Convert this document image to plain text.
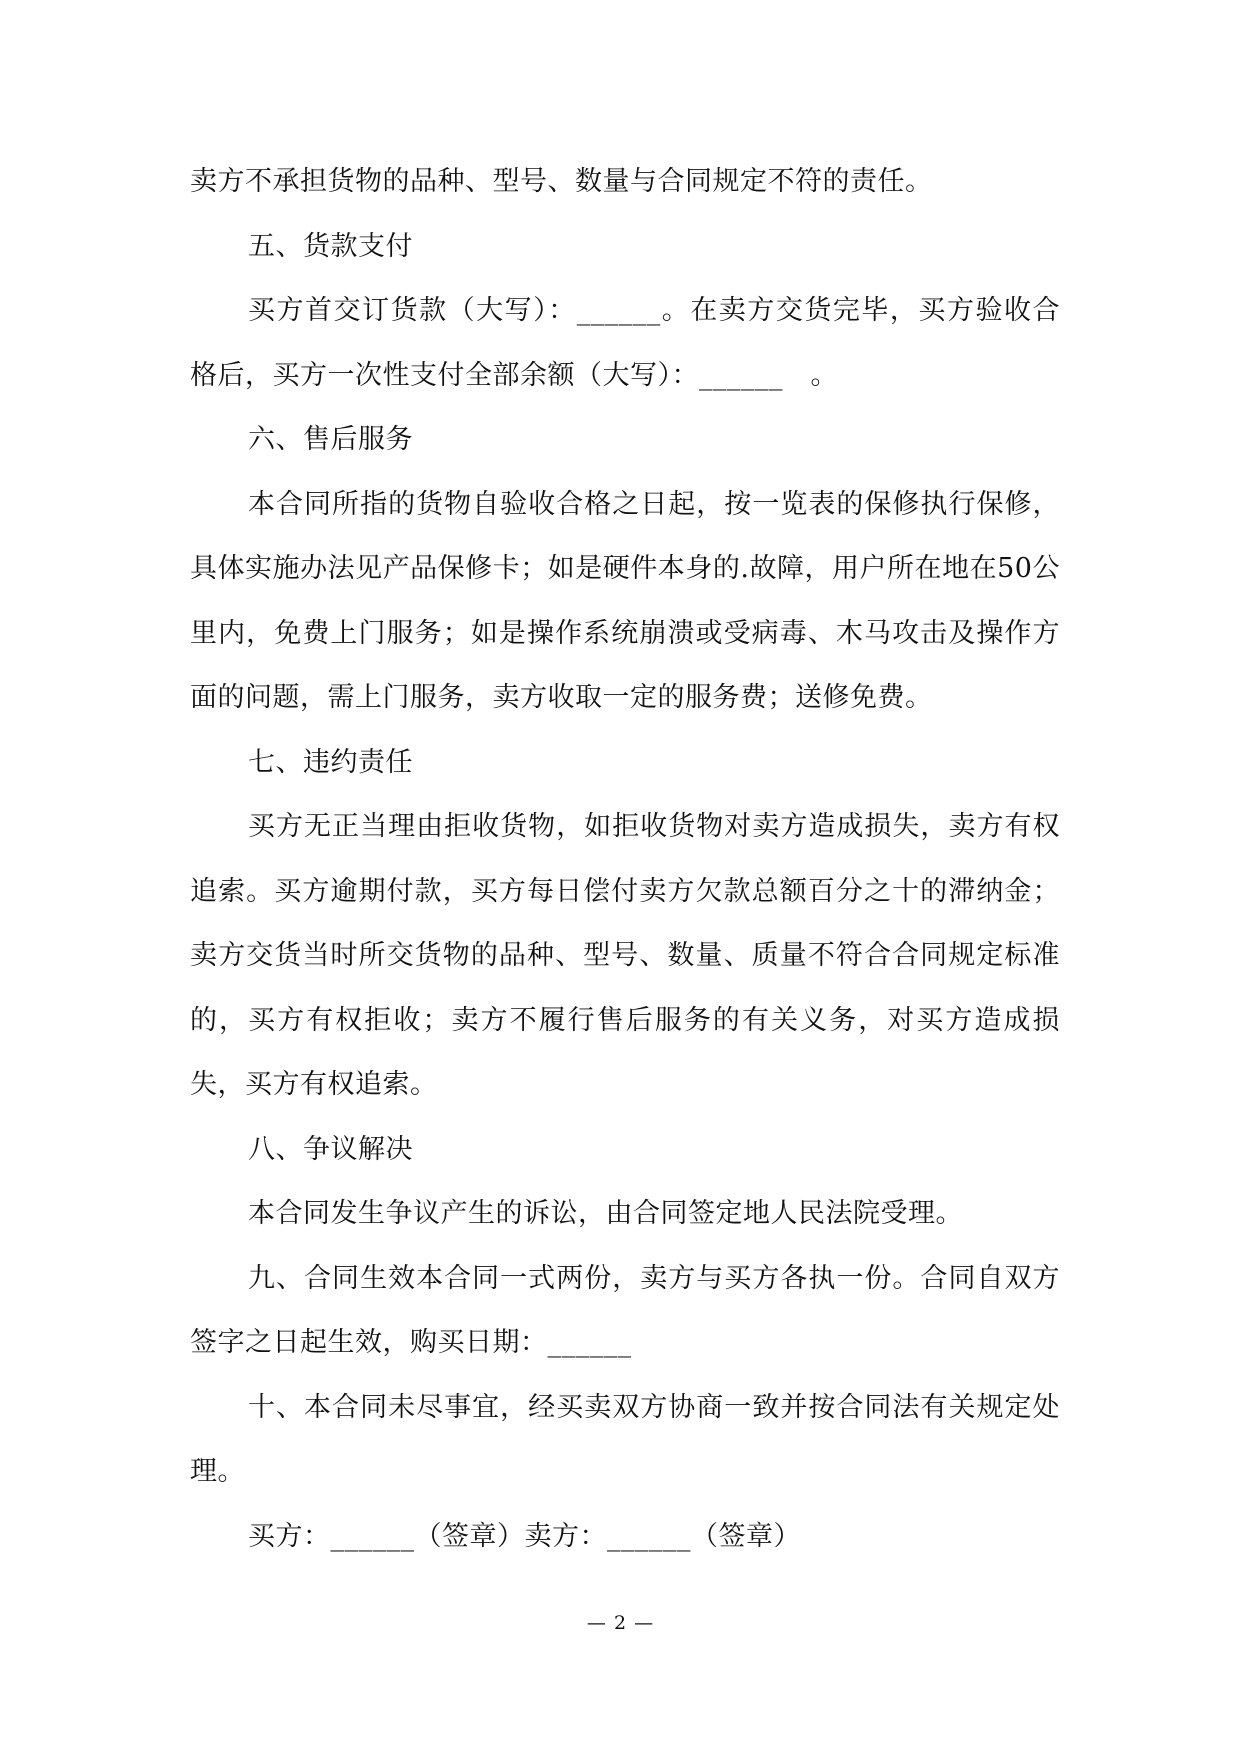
卖方不承担货物的品种、型号、数量与合同规定不符的责任。

五、货款支付

买方首交订货款（大写）：______。在卖方交货完毕，买方验收合格后，买方一次性支付全部余额（大写）：______　。

六、售后服务

本合同所指的货物自验收合格之日起，按一览表的保修执行保修，具体实施办法见产品保修卡；如是硬件本身的.故障，用户所在地在50公里内，免费上门服务；如是操作系统崩溃或受病毒、木马攻击及操作方面的问题，需上门服务，卖方收取一定的服务费；送修免费。

七、违约责任

买方无正当理由拒收货物，如拒收货物对卖方造成损失，卖方有权追索。买方逾期付款，买方每日偿付卖方欠款总额百分之十的滞纳金；卖方交货当时所交货物的品种、型号、数量、质量不符合合同规定标准的，买方有权拒收；卖方不履行售后服务的有关义务，对买方造成损失，买方有权追索。

八、争议解决

本合同发生争议产生的诉讼，由合同签定地人民法院受理。

九、合同生效本合同一式两份，卖方与买方各执一份。合同自双方签字之日起生效，购买日期：______

十、本合同未尽事宜，经买卖双方协商一致并按合同法有关规定处理。

买方：______（签章）卖方：______（签章）

— 2 —
